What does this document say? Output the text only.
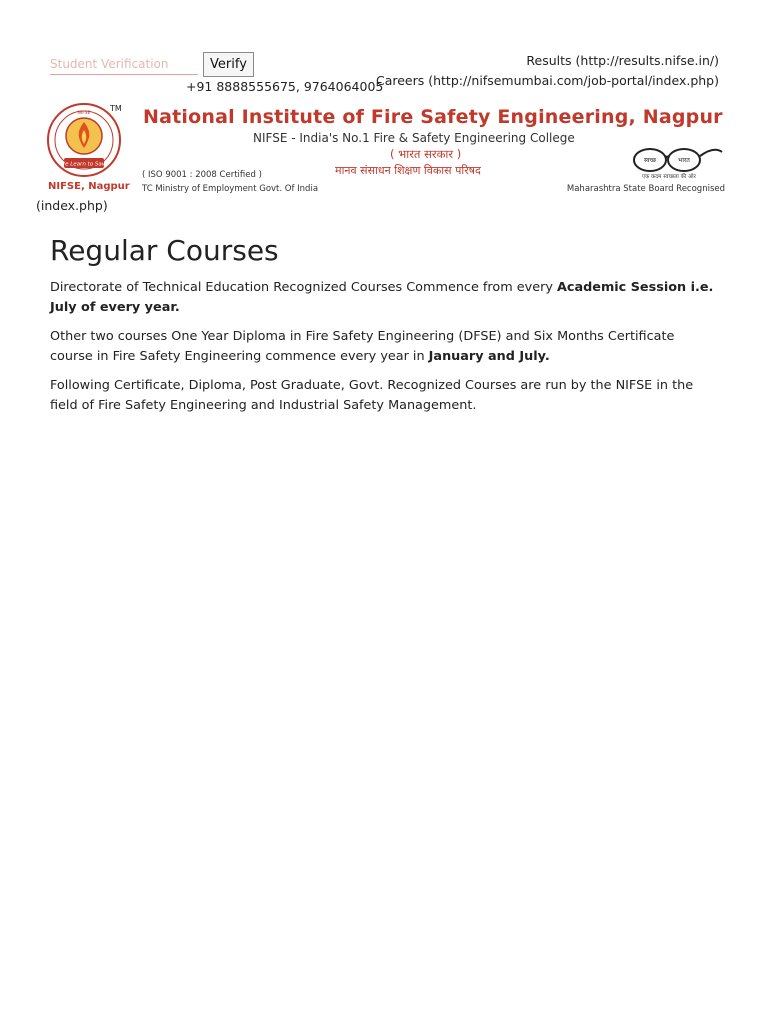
Student Verification
Verify
+91 8888555675, 9764064005
Results (http://results.nifse.in/)
Careers (http://nifsemumbai.com/job-portal/index.php)
We Learn to Save
NIFSE
TM
NIFSE, Nagpur
National Institute of Fire Safety Engineering, Nagpur
NIFSE - India's No.1 Fire & Safety Engineering College
( भारत सरकार )
मानव संसाधन शिक्षण विकास परिषद
( ISO 9001 : 2008 Certified )
TC Ministry of Employment Govt. Of India	Maharashtra State Board Recognised
स्वच्छ	भारत
एक कदम स्वच्छता की ओर
(index.php)
Regular Courses

Directorate of Technical Education Recognized Courses Commence from every Academic Session i.e. July of every year.

Other two courses One Year Diploma in Fire Safety Engineering (DFSE) and Six Months Certificate course in Fire Safety Engineering commence every year in January and July.

Following Certificate, Diploma, Post Graduate, Govt. Recognized Courses are run by the NIFSE in the field of Fire Safety Engineering and Industrial Safety Management.
